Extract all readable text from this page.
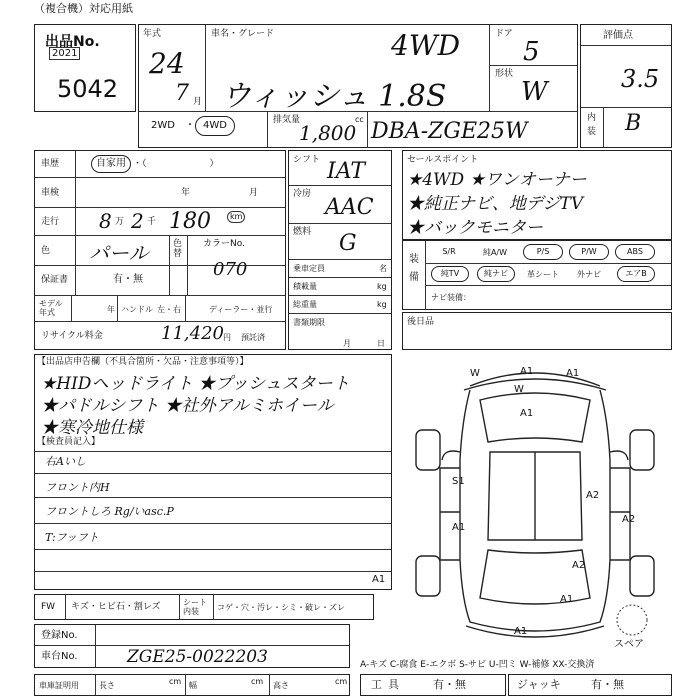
（複合機）対応用紙
出品No.
2021
5042
年式
24
7 月
車名・グレード	4WD
ウィッシュ 1.8S
ドア
5
形状
W
2WD ・ 4WD	排気量	cc
1,800 DBA-ZGE25W
評価点
3.5
内装 B
車歴	自家用 ・（　　　　　　　）
車検	年	月
走行 8 万 2 千 180	km
色 パール	色替
カラーNo.
070
保証書	有・無
モデル年式	年 ハンドル 左・右	ディーラー・並行
リサイクル料金	11,420 円 預託済
シフト IAT
冷房
AAC
燃料 G
乗車定員	名
積載量	kg
総重量	kg
書類期限
月	日
セールスポイント
★4WD ★ワンオーナー
★純正ナビ、地デジTV
★バックモニター
装備
S/R	純A/W	P/S	P/W	ABS
純TV	純ナビ	革シート	外ナビ	エアB
ナビ装備：
後日品
【出品店申告欄（不具合箇所・欠品・注意事項等）】
★HIDヘッドライト ★プッシュスタート
★パドルシフト ★社外アルミホイール
★寒冷地仕様
【検査員記入】
右Aいし
フロント内H
フロントしろ Rg/いasc.P
T:フッフト
W	A1	A1
W
A1
S1
A2
A1
A2
A2
A1
A1
A1
スペア
FW キズ・ヒビ石・割レズ	シート内装	コゲ・穴・汚レ・シミ・破レ・ズレ
登録No.
車台No.	ZGE25-0022203	A-キズ C-腐食 E-エクボ S-サビ U-凹ミ W-補修 XX-交換済
車庫証明用	長さ	cm 幅	cm 高さ	cm 工具	有・無	ジャッキ	有・無
